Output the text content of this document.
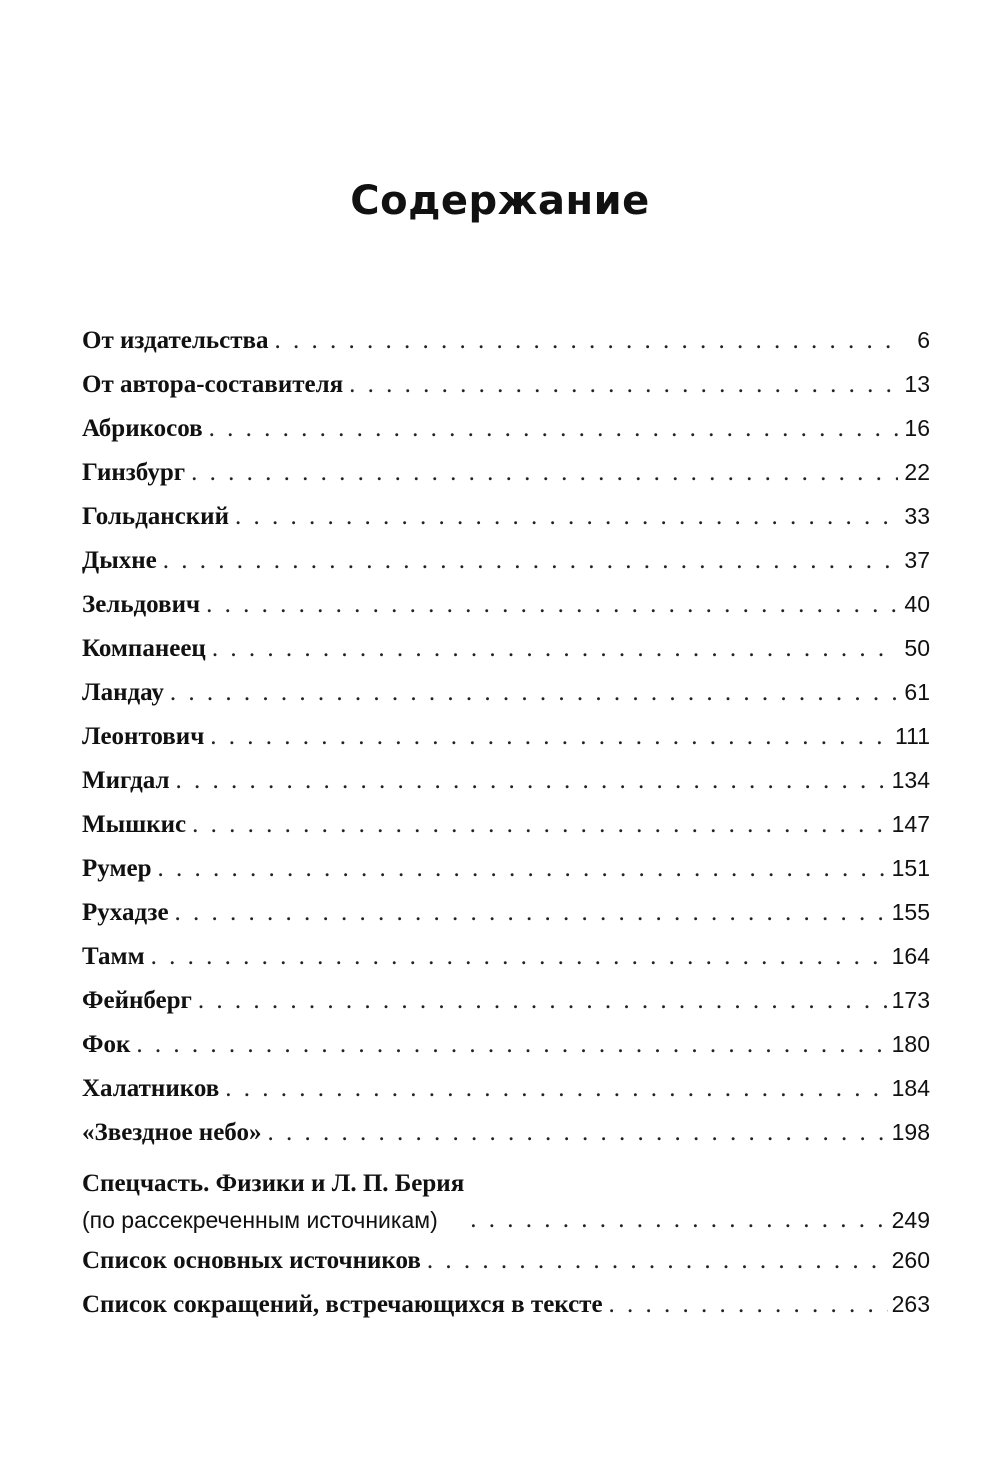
Содержание
От издательства . . .	6
От автора-составителя . . .	13
Абрикосов . . .	16
Гинзбург . . .	22
Гольданский . . .	33
Дыхне . . .	37
Зельдович . . .	40
Компанеец . . .	50
Ландау . . .	61
Леонтович . . .	111
Мигдал . . .	134
Мышкис . . .	147
Румер . . .	151
Рухадзе . . .	155
Тамм . . .	164
Фейнберг . . .	173
Фок . . .	180
Халатников . . .	184
«Звездное небо» . . .	198
Спецчасть. Физики и Л. П. Берия
(по рассекреченным источникам) . . .	249
Список основных источников . . .	260
Список сокращений, встречающихся в тексте . . .	263
